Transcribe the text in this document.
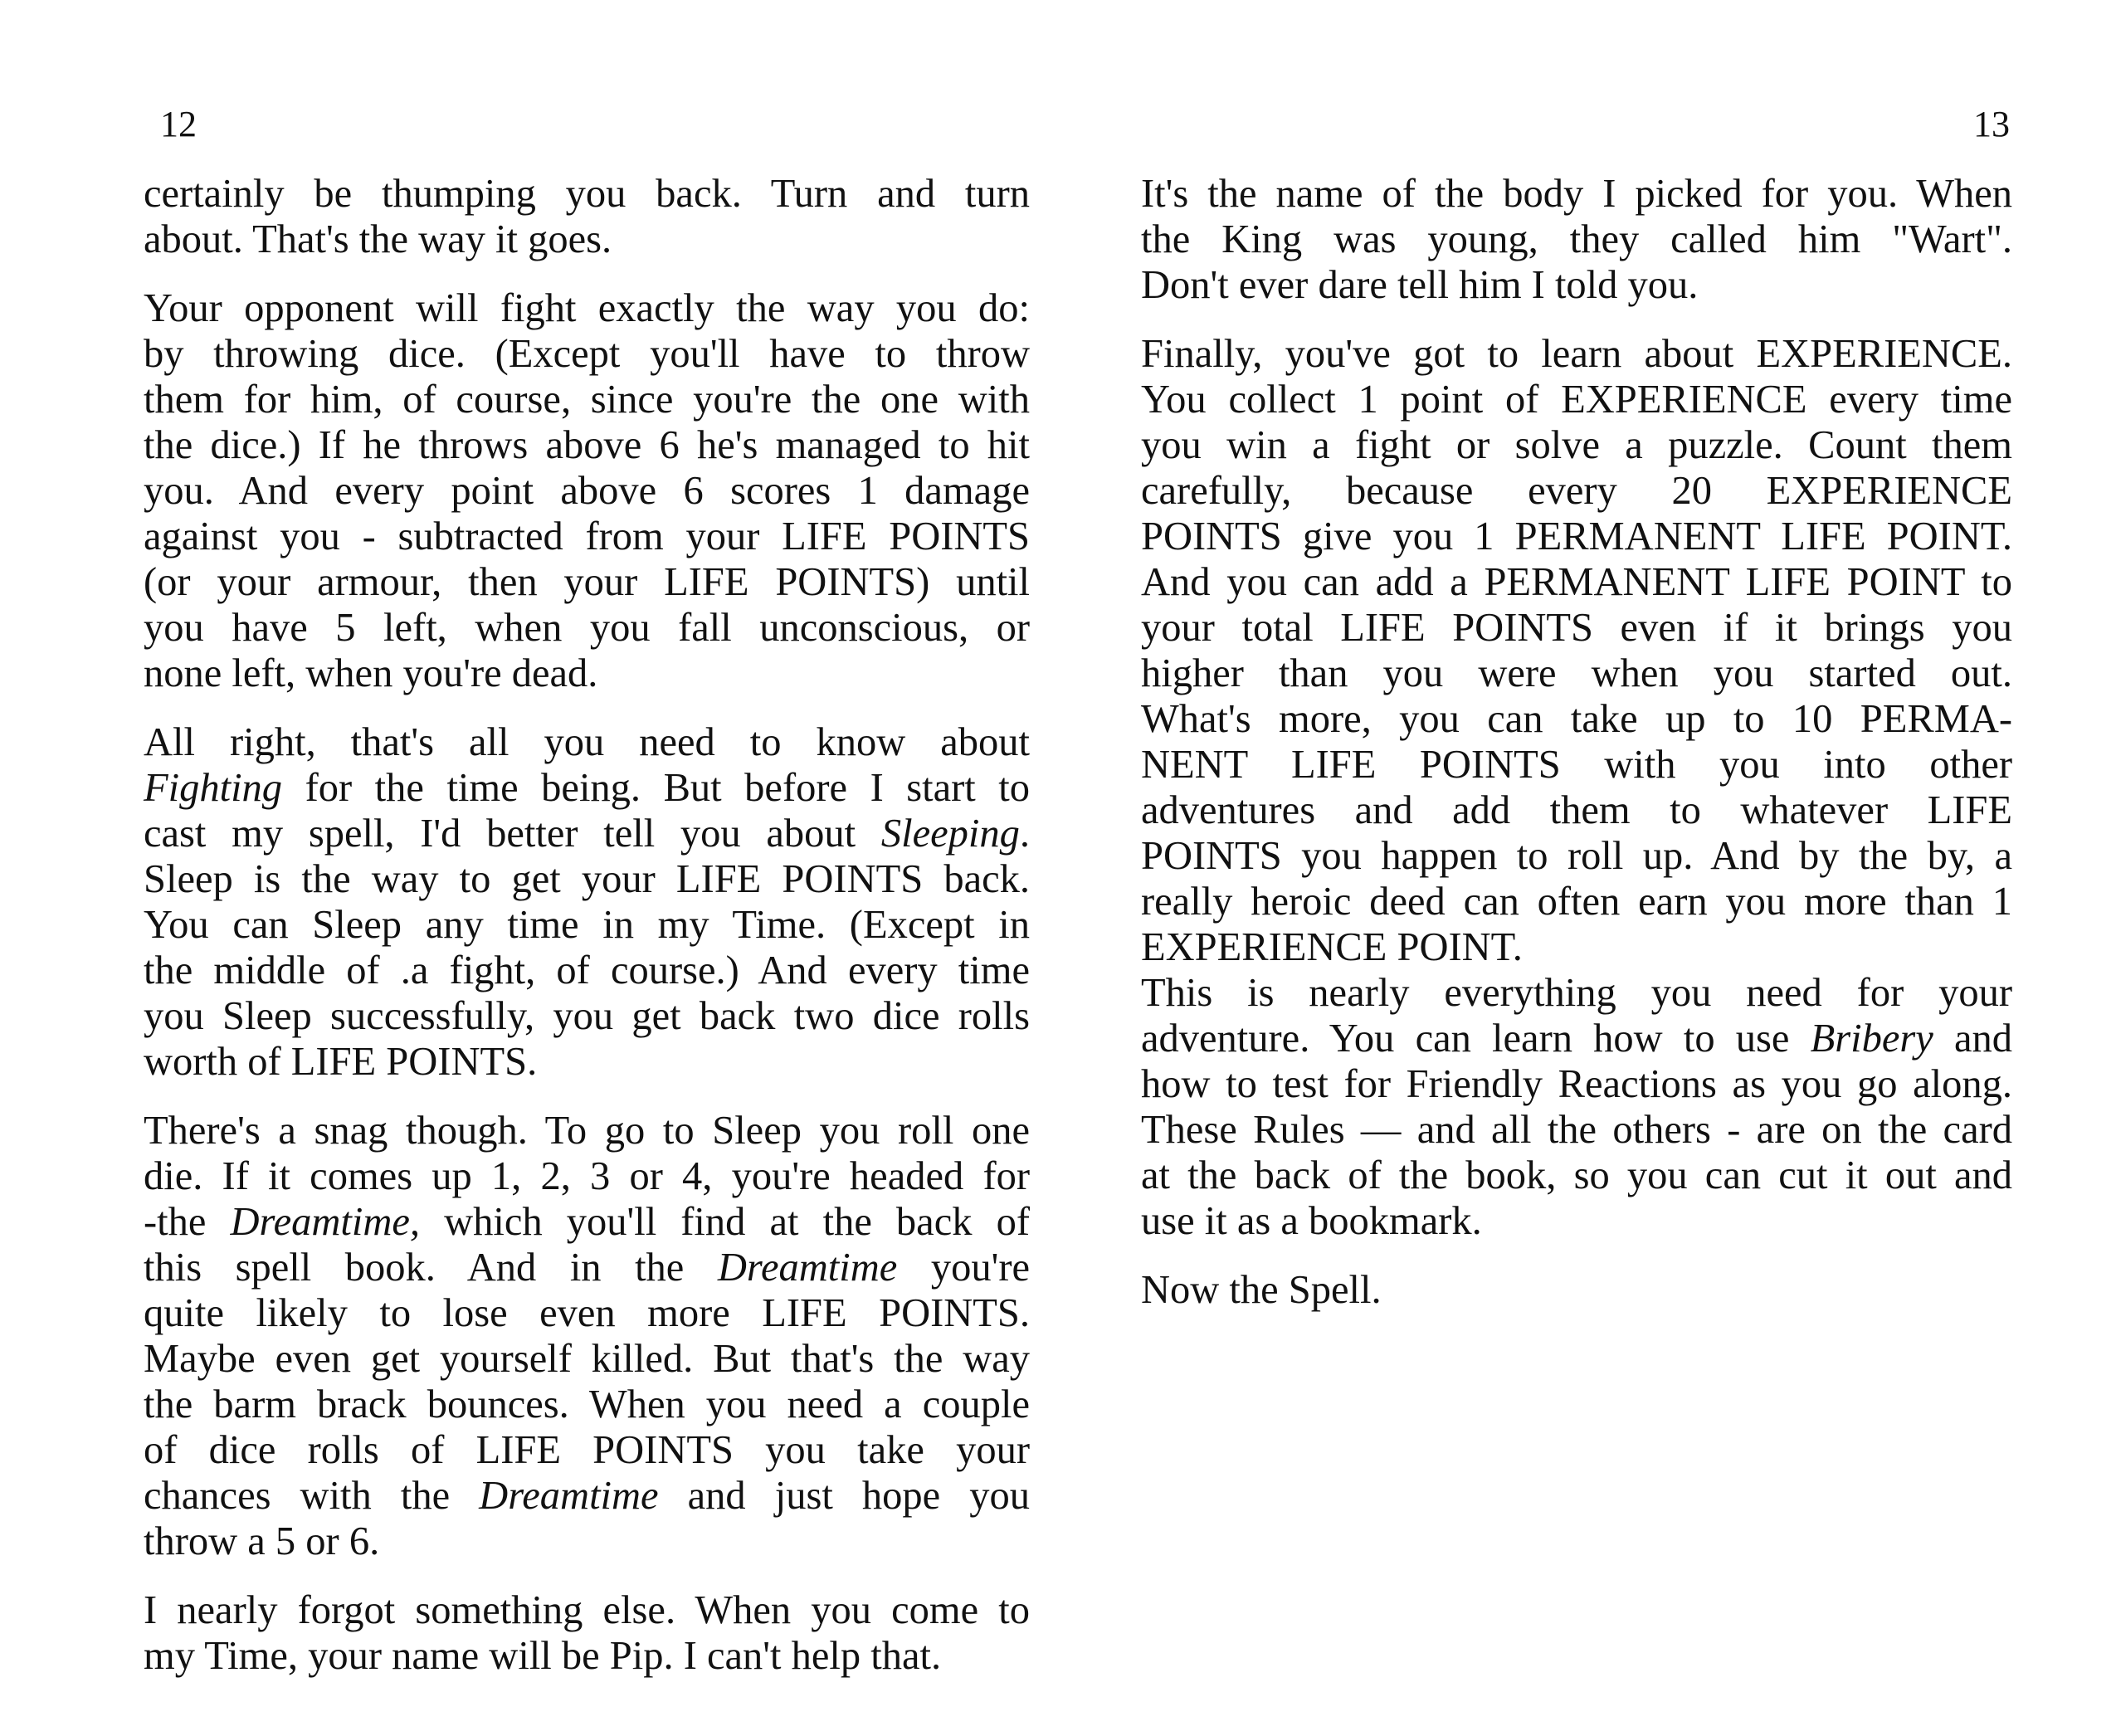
12

certainly be thumping you back. Turn and turn
about. That's the way it goes.

Your opponent will fight exactly the way you do:
by throwing dice. (Except you'll have to throw
them for him, of course, since you're the one with
the dice.) If he throws above 6 he's managed to hit
you. And every point above 6 scores 1 damage
against you - subtracted from your LIFE POINTS
(or your armour, then your LIFE POINTS) until
you have 5 left, when you fall unconscious, or
none left, when you're dead.

All right, that's all you need to know about
Fighting for the time being. But before I start to
cast my spell, I'd better tell you about Sleeping.
Sleep is the way to get your LIFE POINTS back.
You can Sleep any time in my Time. (Except in
the middle of .a fight, of course.) And every time
you Sleep successfully, you get back two dice rolls
worth of LIFE POINTS.

There's a snag though. To go to Sleep you roll one
die. If it comes up 1, 2, 3 or 4, you're headed for
-the Dreamtime, which you'll find at the back of
this spell book. And in the Dreamtime you're
quite likely to lose even more LIFE POINTS.
Maybe even get yourself killed. But that's the way
the barm brack bounces. When you need a couple
of dice rolls of LIFE POINTS you take your
chances with the Dreamtime and just hope you
throw a 5 or 6.

I nearly forgot something else. When you come to
my Time, your name will be Pip. I can't help that.

13

It's the name of the body I picked for you. When
the King was young, they called him "Wart".
Don't ever dare tell him I told you.

Finally, you've got to learn about EXPERIENCE.
You collect 1 point of EXPERIENCE every time
you win a fight or solve a puzzle. Count them
carefully, because every 20 EXPERIENCE
POINTS give you 1 PERMANENT LIFE POINT.
And you can add a PERMANENT LIFE POINT to
your total LIFE POINTS even if it brings you
higher than you were when you started out.
What's more, you can take up to 10 PERMA-
NENT LIFE POINTS with you into other
adventures and add them to whatever LIFE
POINTS you happen to roll up. And by the by, a
really heroic deed can often earn you more than 1
EXPERIENCE POINT.

This is nearly everything you need for your
adventure. You can learn how to use Bribery and
how to test for Friendly Reactions as you go along.
These Rules — and all the others - are on the card
at the back of the book, so you can cut it out and
use it as a bookmark.

Now the Spell.
